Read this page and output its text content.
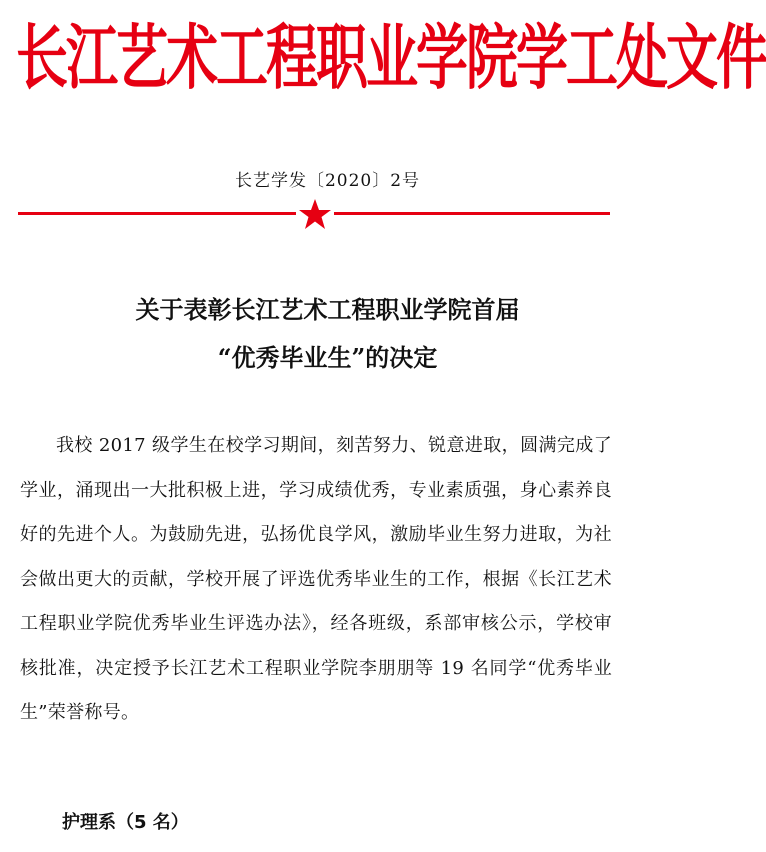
长江艺术工程职业学院学工处文件
长艺学发〔2020〕2号
关于表彰长江艺术工程职业学院首届
“优秀毕业生”的决定
我校 2017 级学生在校学习期间，刻苦努力、锐意进取，圆满完成了学业，涌现出一大批积极上进，学习成绩优秀，专业素质强，身心素养良好的先进个人。为鼓励先进，弘扬优良学风，激励毕业生努力进取，为社会做出更大的贡献，学校开展了评选优秀毕业生的工作，根据《长江艺术工程职业学院优秀毕业生评选办法》，经各班级，系部审核公示，学校审核批准，决定授予长江艺术工程职业学院李朋朋等 19 名同学“优秀毕业生”荣誉称号。
护理系（5 名）
